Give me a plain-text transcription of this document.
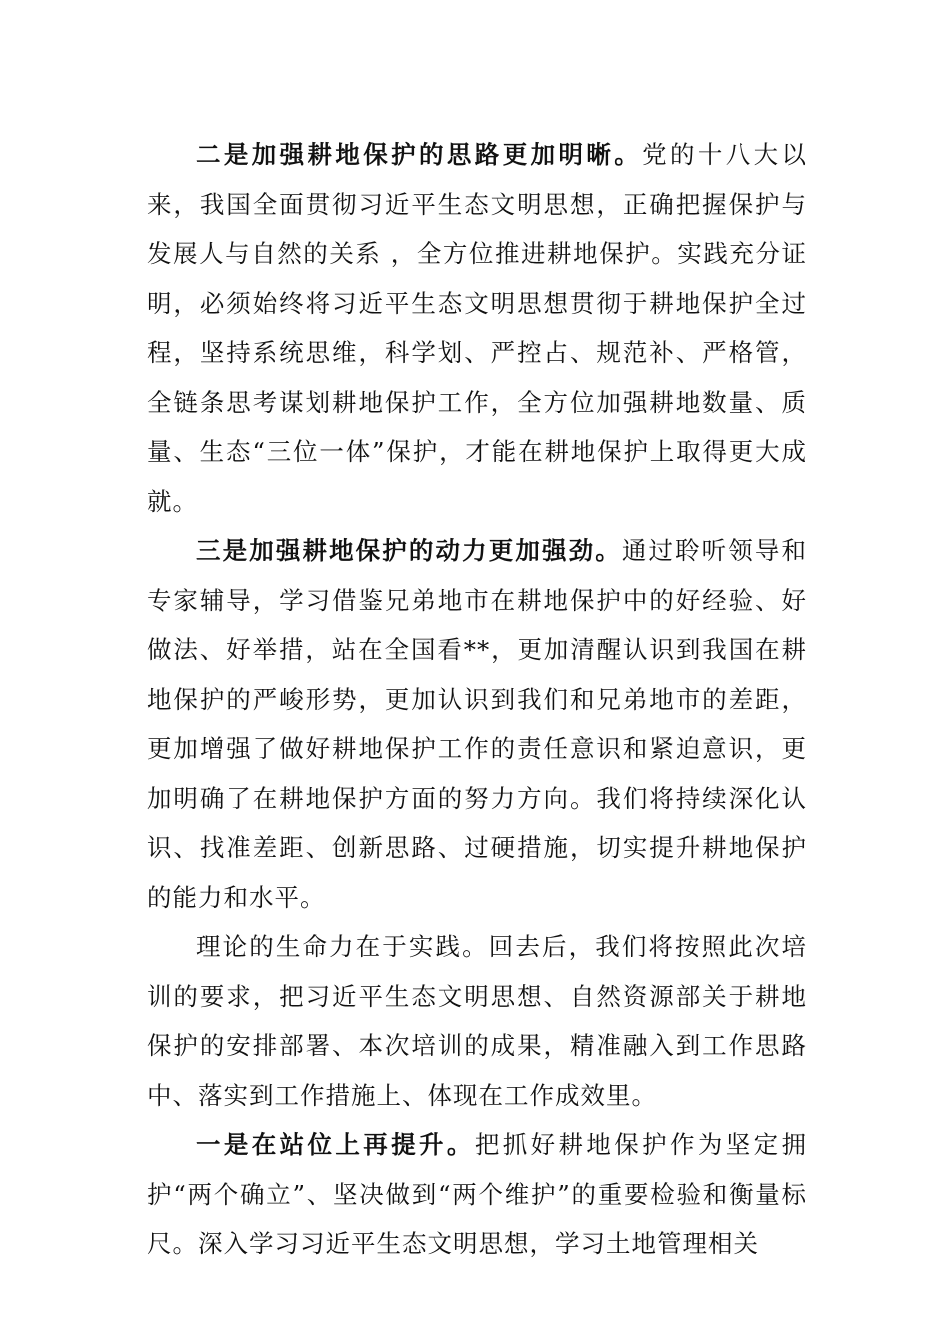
二是加强耕地保护的思路更加明晰。党的十八大以来，我国全面贯彻习近平生态文明思想，正确把握保护与发展人与自然的关系 ，全方位推进耕地保护。实践充分证明，必须始终将习近平生态文明思想贯彻于耕地保护全过程，坚持系统思维，科学划、严控占、规范补、严格管，全链条思考谋划耕地保护工作，全方位加强耕地数量、质量、生态“三位一体”保护，才能在耕地保护上取得更大成就。

三是加强耕地保护的动力更加强劲。通过聆听领导和专家辅导，学习借鉴兄弟地市在耕地保护中的好经验、好做法、好举措，站在全国看**，更加清醒认识到我国在耕地保护的严峻形势，更加认识到我们和兄弟地市的差距，更加增强了做好耕地保护工作的责任意识和紧迫意识，更加明确了在耕地保护方面的努力方向。我们将持续深化认识、找准差距、创新思路、过硬措施，切实提升耕地保护的能力和水平。

理论的生命力在于实践。回去后，我们将按照此次培训的要求，把习近平生态文明思想、自然资源部关于耕地保护的安排部署、本次培训的成果，精准融入到工作思路中、落实到工作措施上、体现在工作成效里。

一是在站位上再提升。把抓好耕地保护作为坚定拥护“两个确立”、坚决做到“两个维护”的重要检验和衡量标尺。深入学习习近平生态文明思想，学习土地管理相关
